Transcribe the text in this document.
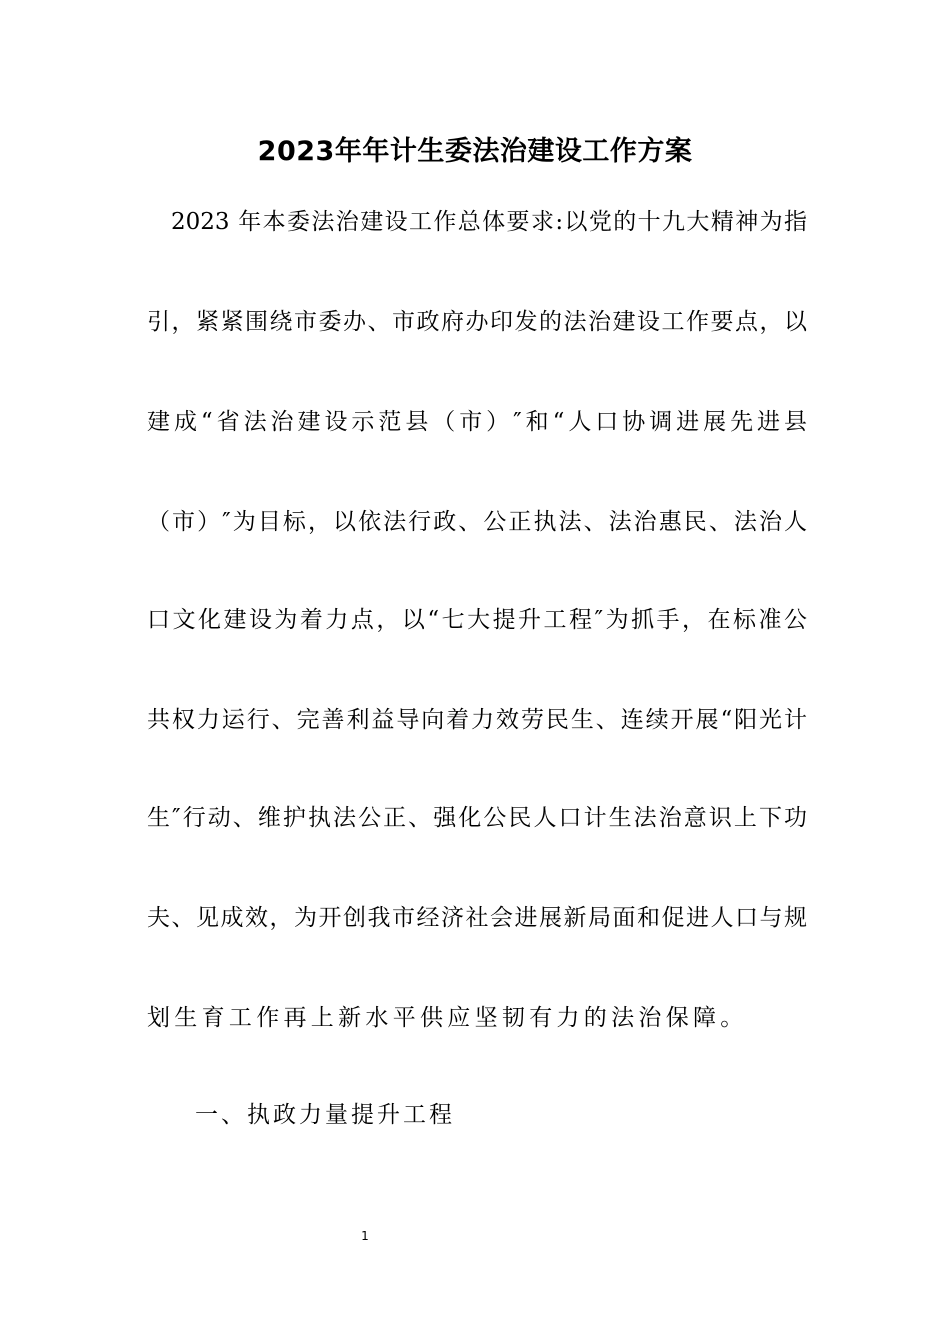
2023年年计生委法治建设工作方案
2023 年本委法治建设工作总体要求:以党的十九大精神为指
引，紧紧围绕市委办、市政府办印发的法治建设工作要点，以
建成“省法治建设示范县（市）″和“人口协调进展先进县
（市）″为目标，以依法行政、公正执法、法治惠民、法治人
口文化建设为着力点，以“七大提升工程″为抓手，在标准公
共权力运行、完善利益导向着力效劳民生、连续开展“阳光计
生″行动、维护执法公正、强化公民人口计生法治意识上下功
夫、见成效，为开创我市经济社会进展新局面和促进人口与规
划生育工作再上新水平供应坚韧有力的法治保障。
一、执政力量提升工程
1
